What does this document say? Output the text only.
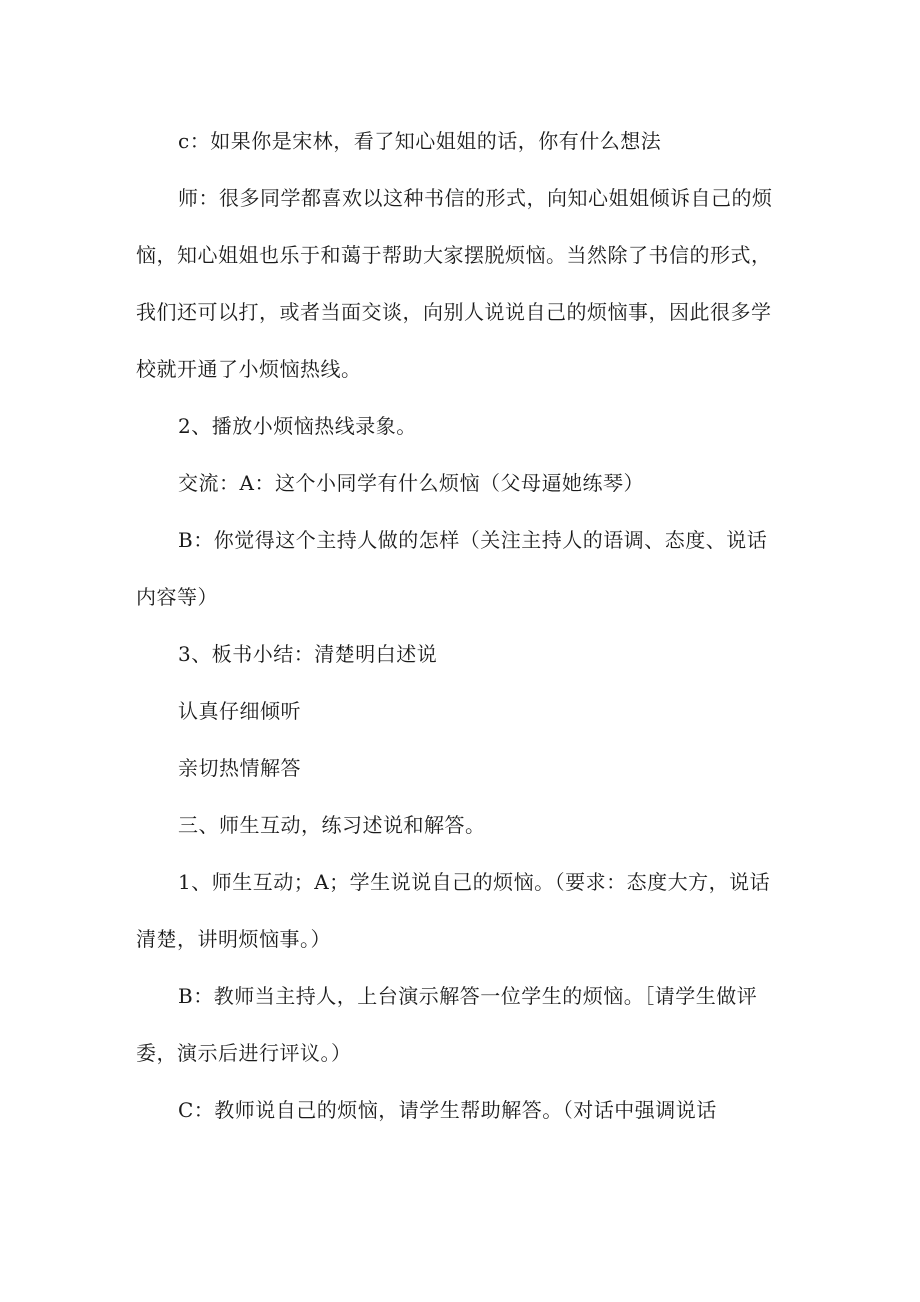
c：如果你是宋林，看了知心姐姐的话，你有什么想法

师：很多同学都喜欢以这种书信的形式，向知心姐姐倾诉自己的烦恼，知心姐姐也乐于和蔼于帮助大家摆脱烦恼。当然除了书信的形式，我们还可以打，或者当面交谈，向别人说说自己的烦恼事，因此很多学校就开通了小烦恼热线。

2、播放小烦恼热线录象。

交流：A：这个小同学有什么烦恼（父母逼她练琴）

B：你觉得这个主持人做的怎样（关注主持人的语调、态度、说话内容等）

3、板书小结：清楚明白述说

认真仔细倾听

亲切热情解答

三、师生互动，练习述说和解答。

1、师生互动；A；学生说说自己的烦恼。（要求：态度大方，说话清楚，讲明烦恼事。）

B：教师当主持人，上台演示解答一位学生的烦恼。［请学生做评委，演示后进行评议。）

C：教师说自己的烦恼，请学生帮助解答。（对话中强调说话
